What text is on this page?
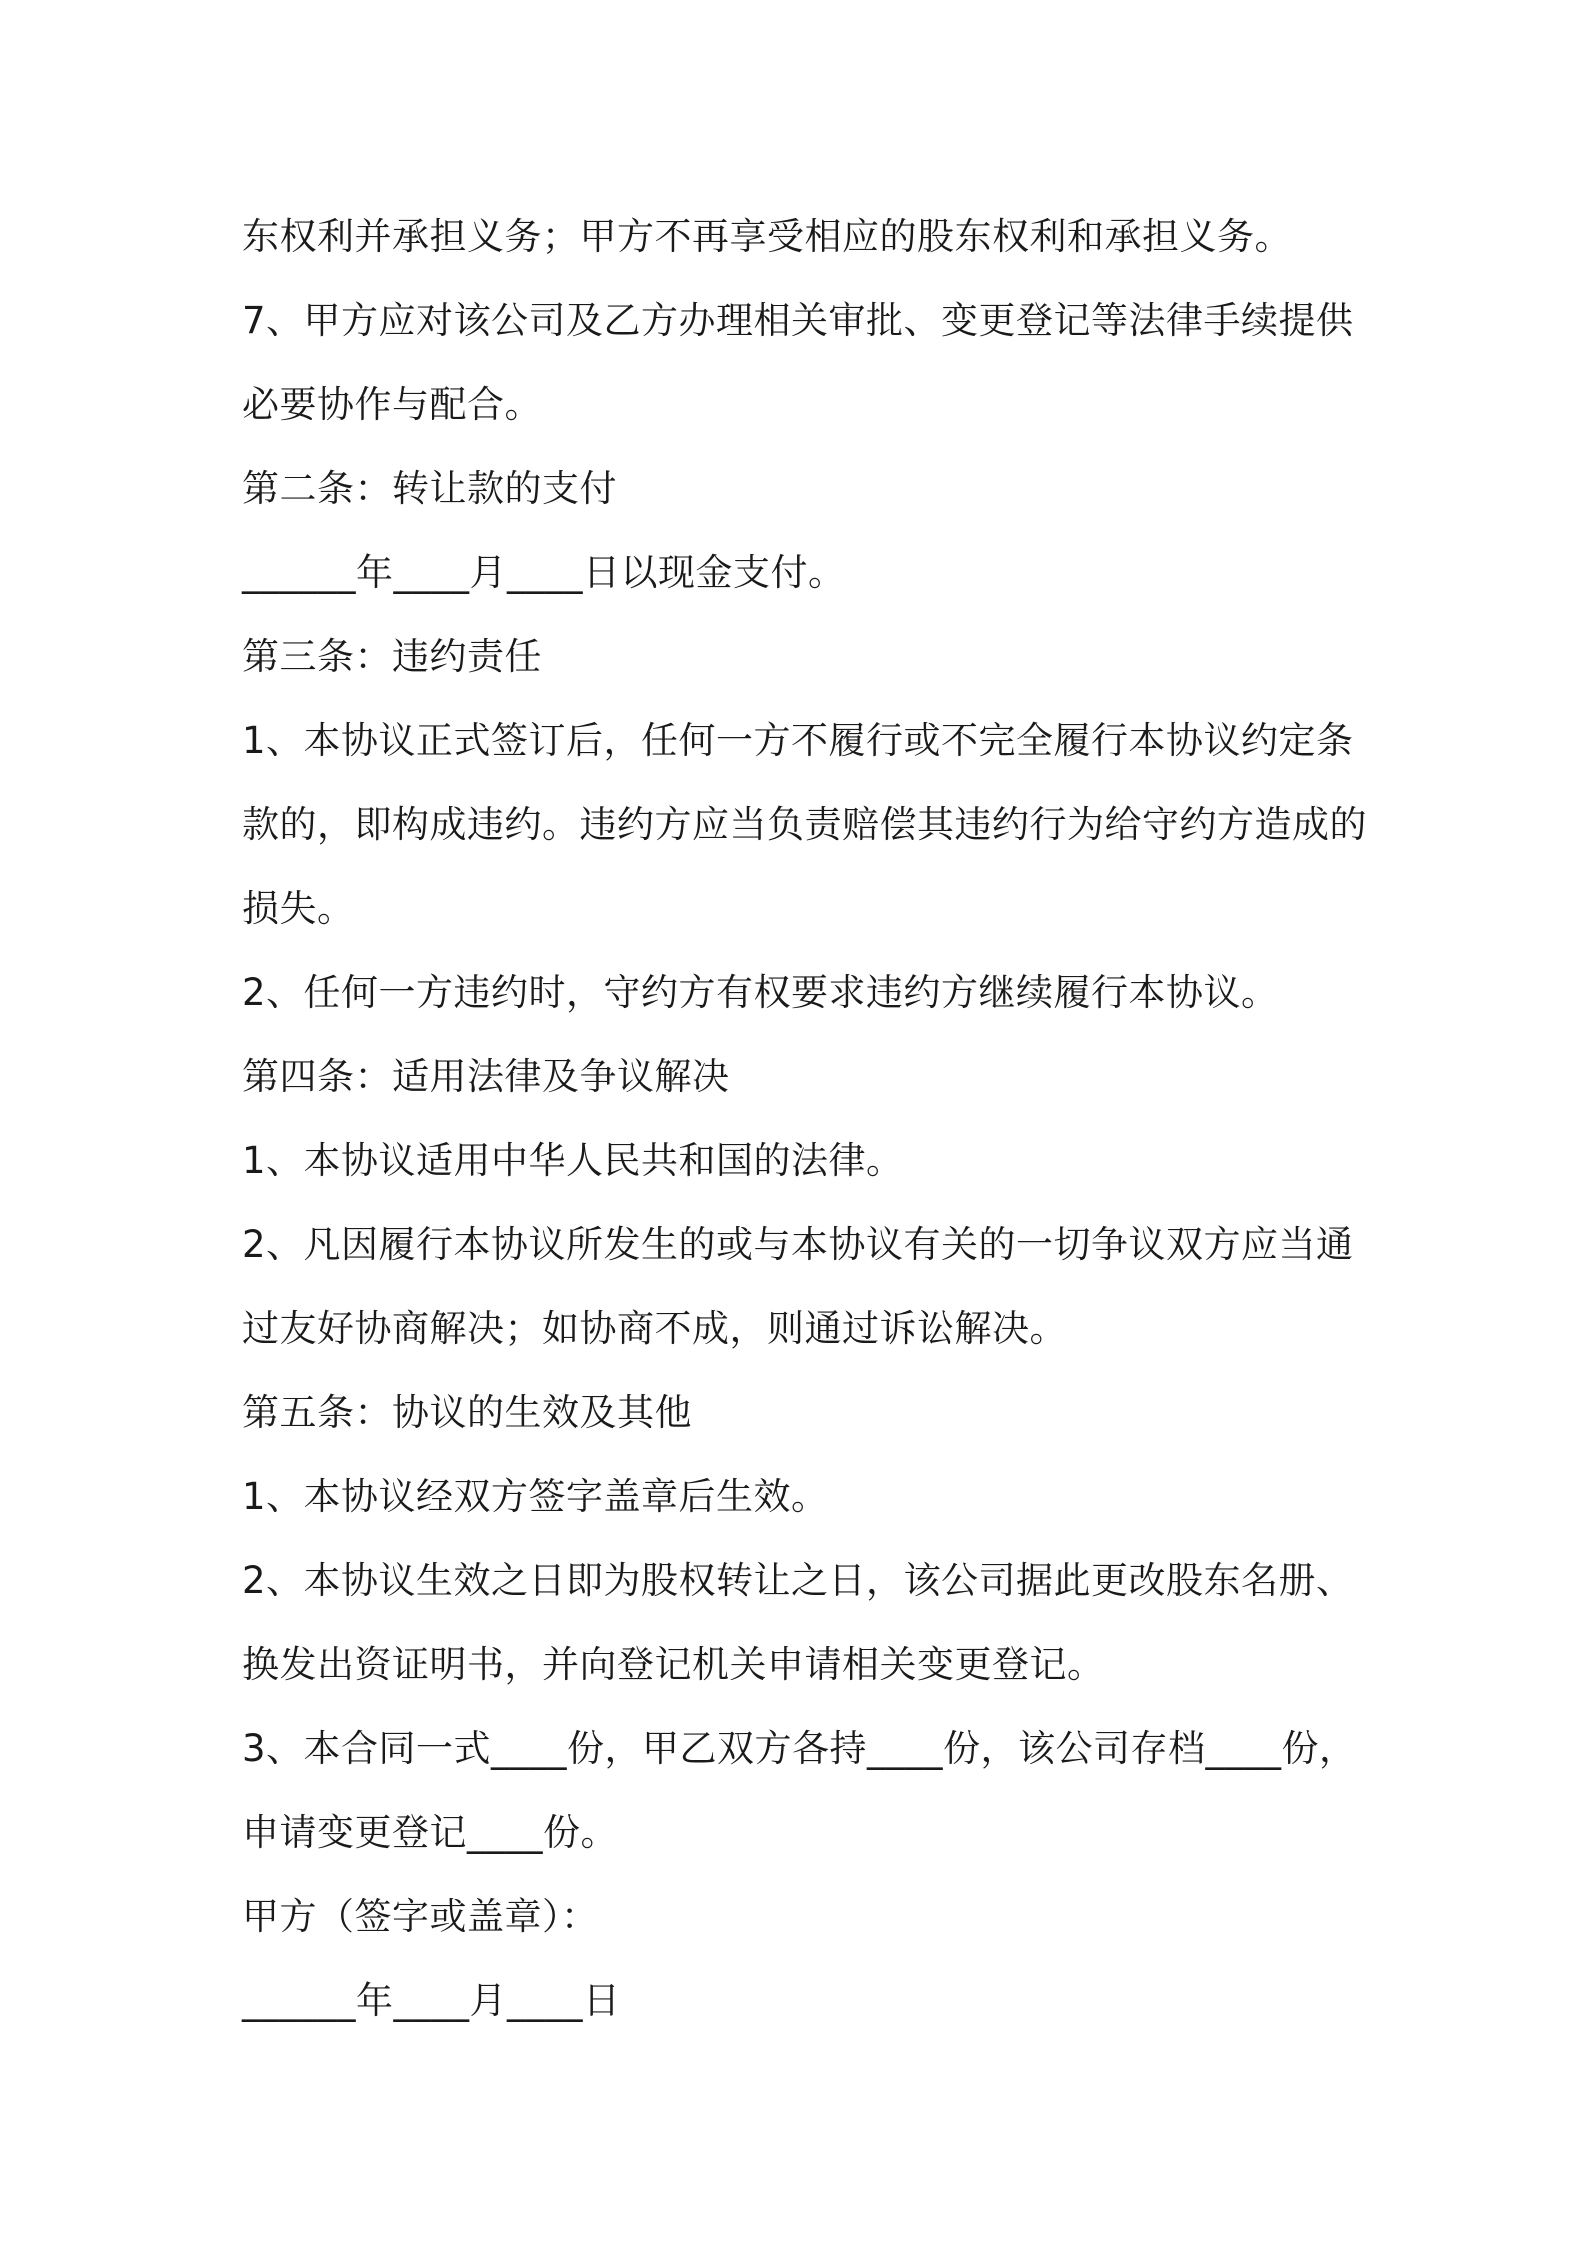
东权利并承担义务；甲方不再享受相应的股东权利和承担义务。
7、甲方应对该公司及乙方办理相关审批、变更登记等法律手续提供
必要协作与配合。
第二条：转让款的支付
______年____月____日以现金支付。
第三条：违约责任
1、本协议正式签订后，任何一方不履行或不完全履行本协议约定条
款的，即构成违约。违约方应当负责赔偿其违约行为给守约方造成的
损失。
2、任何一方违约时，守约方有权要求违约方继续履行本协议。
第四条：适用法律及争议解决
1、本协议适用中华人民共和国的法律。
2、凡因履行本协议所发生的或与本协议有关的一切争议双方应当通
过友好协商解决；如协商不成，则通过诉讼解决。
第五条：协议的生效及其他
1、本协议经双方签字盖章后生效。
2、本协议生效之日即为股权转让之日，该公司据此更改股东名册、
换发出资证明书，并向登记机关申请相关变更登记。
3、本合同一式____份，甲乙双方各持____份，该公司存档____份，
申请变更登记____份。
甲方（签字或盖章）：
______年____月____日
